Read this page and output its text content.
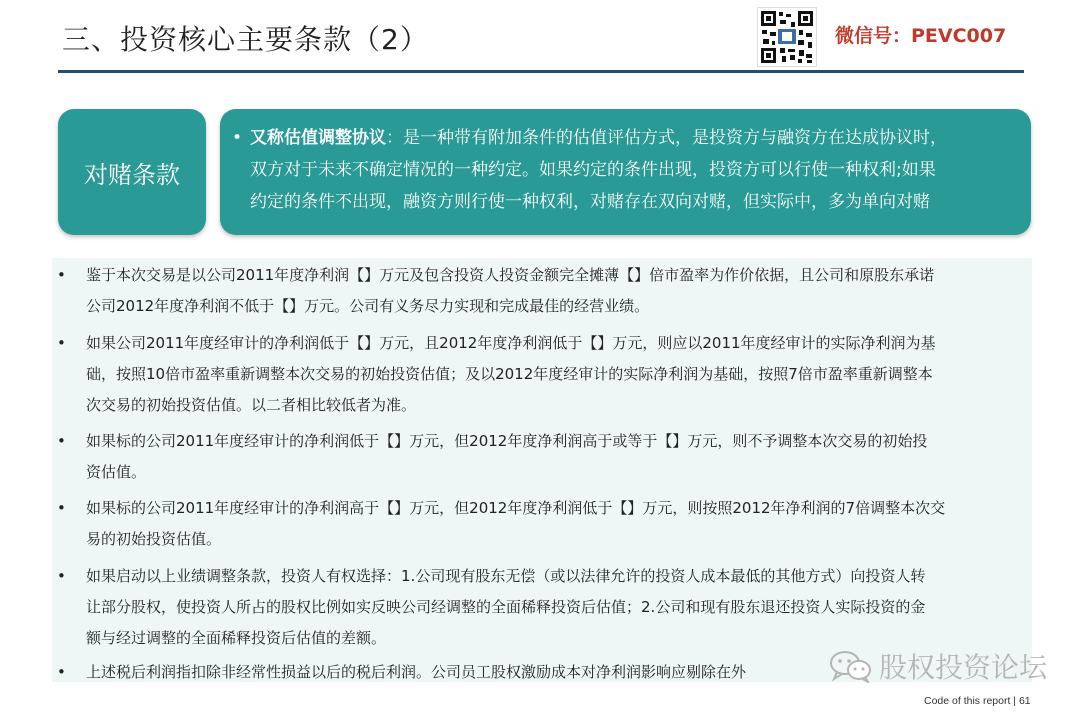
三、投资核心主要条款（2）	微信号：PEVC007
对赌条款
• 又称估值调整协议：是一种带有附加条件的估值评估方式，是投资方与融资方在达成协议时，
双方对于未来不确定情况的一种约定。如果约定的条件出现，投资方可以行使一种权利;如果
约定的条件不出现，融资方则行使一种权利，对赌存在双向对赌，但实际中，多为单向对赌
• 鉴于本次交易是以公司2011年度净利润【】万元及包含投资人投资金额完全摊薄【】倍市盈率为作价依据，且公司和原股东承诺
公司2012年度净利润不低于【】万元。公司有义务尽力实现和完成最佳的经营业绩。
• 如果公司2011年度经审计的净利润低于【】万元，且2012年度净利润低于【】万元，则应以2011年度经审计的实际净利润为基
础，按照10倍市盈率重新调整本次交易的初始投资估值；及以2012年度经审计的实际净利润为基础，按照7倍市盈率重新调整本
次交易的初始投资估值。以二者相比较低者为准。
• 如果标的公司2011年度经审计的净利润低于【】万元，但2012年度净利润高于或等于【】万元，则不予调整本次交易的初始投
资估值。
• 如果标的公司2011年度经审计的净利润高于【】万元，但2012年度净利润低于【】万元，则按照2012年净利润的7倍调整本次交
易的初始投资估值。
• 如果启动以上业绩调整条款，投资人有权选择：1.公司现有股东无偿（或以法律允许的投资人成本最低的其他方式）向投资人转
让部分股权，使投资人所占的股权比例如实反映公司经调整的全面稀释投资后估值；2.公司和现有股东退还投资人实际投资的金
额与经过调整的全面稀释投资后估值的差额。
• 上述税后利润指扣除非经常性损益以后的税后利润。公司员工股权激励成本对净利润影响应剔除在外	股权投资论坛
Code of this report | 61
